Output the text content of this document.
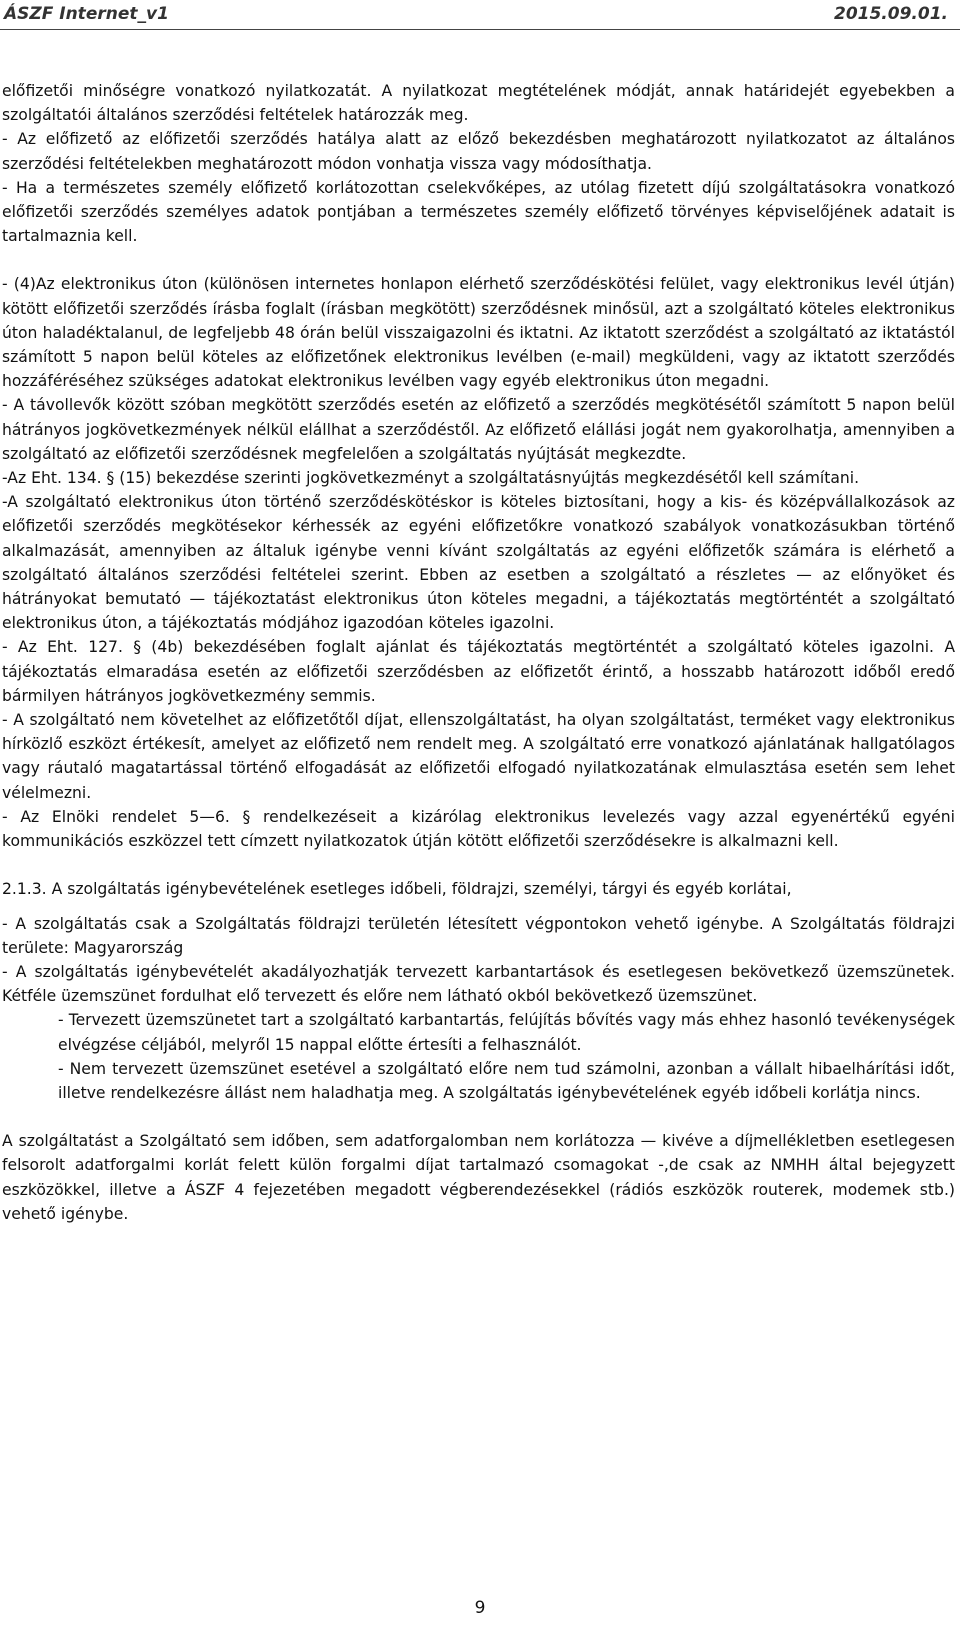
ÁSZF Internet_v1	2015.09.01.

előfizetői minőségre vonatkozó nyilatkozatát. A nyilatkozat megtételének módját, annak határidejét egyebekben a szolgáltatói általános szerződési feltételek határozzák meg.

- Az előfizető az előfizetői szerződés hatálya alatt az előző bekezdésben meghatározott nyilatkozatot az általános szerződési feltételekben meghatározott módon vonhatja vissza vagy módosíthatja.

- Ha a természetes személy előfizető korlátozottan cselekvőképes, az utólag fizetett díjú szolgáltatásokra vonatkozó előfizetői szerződés személyes adatok pontjában a természetes személy előfizető törvényes képviselőjének adatait is tartalmaznia kell.

- (4)Az elektronikus úton (különösen internetes honlapon elérhető szerződéskötési felület, vagy elektronikus levél útján) kötött előfizetői szerződés írásba foglalt (írásban megkötött) szerződésnek minősül, azt a szolgáltató köteles elektronikus úton haladéktalanul, de legfeljebb 48 órán belül visszaigazolni és iktatni. Az iktatott szerződést a szolgáltató az iktatástól számított 5 napon belül köteles az előfizetőnek elektronikus levélben (e-mail) megküldeni, vagy az iktatott szerződés hozzáféréséhez szükséges adatokat elektronikus levélben vagy egyéb elektronikus úton megadni.

- A távollevők között szóban megkötött szerződés esetén az előfizető a szerződés megkötésétől számított 5 napon belül hátrányos jogkövetkezmények nélkül elállhat a szerződéstől. Az előfizető elállási jogát nem gyakorolhatja, amennyiben a szolgáltató az előfizetői szerződésnek megfelelően a szolgáltatás nyújtását megkezdte.

-Az Eht. 134. § (15) bekezdése szerinti jogkövetkezményt a szolgáltatásnyújtás megkezdésétől kell számítani.

-A szolgáltató elektronikus úton történő szerződéskötéskor is köteles biztosítani, hogy a kis- és középvállalkozások az előfizetői szerződés megkötésekor kérhessék az egyéni előfizetőkre vonatkozó szabályok vonatkozásukban történő alkalmazását, amennyiben az általuk igénybe venni kívánt szolgáltatás az egyéni előfizetők számára is elérhető a szolgáltató általános szerződési feltételei szerint. Ebben az esetben a szolgáltató a részletes — az előnyöket és hátrányokat bemutató — tájékoztatást elektronikus úton köteles megadni, a tájékoztatás megtörténtét a szolgáltató elektronikus úton, a tájékoztatás módjához igazodóan köteles igazolni.

- Az Eht. 127. § (4b) bekezdésében foglalt ajánlat és tájékoztatás megtörténtét a szolgáltató köteles igazolni. A tájékoztatás elmaradása esetén az előfizetői szerződésben az előfizetőt érintő, a hosszabb határozott időből eredő bármilyen hátrányos jogkövetkezmény semmis.

- A szolgáltató nem követelhet az előfizetőtől díjat, ellenszolgáltatást, ha olyan szolgáltatást, terméket vagy elektronikus hírközlő eszközt értékesít, amelyet az előfizető nem rendelt meg. A szolgáltató erre vonatkozó ajánlatának hallgatólagos vagy ráutaló magatartással történő elfogadását az előfizetői elfogadó nyilatkozatának elmulasztása esetén sem lehet vélelmezni.

- Az Elnöki rendelet 5—6. § rendelkezéseit a kizárólag elektronikus levelezés vagy azzal egyenértékű egyéni kommunikációs eszközzel tett címzett nyilatkozatok útján kötött előfizetői szerződésekre is alkalmazni kell.

2.1.3. A szolgáltatás igénybevételének esetleges időbeli, földrajzi, személyi, tárgyi és egyéb korlátai,

- A szolgáltatás csak a Szolgáltatás földrajzi területén létesített végpontokon vehető igénybe. A Szolgáltatás földrajzi területe: Magyarország

- A szolgáltatás igénybevételét akadályozhatják tervezett karbantartások és esetlegesen bekövetkező üzemszünetek. Kétféle üzemszünet fordulhat elő tervezett és előre nem látható okból bekövetkező üzemszünet.

- Tervezett üzemszünetet tart a szolgáltató karbantartás, felújítás bővítés vagy más ehhez hasonló tevékenységek elvégzése céljából, melyről 15 nappal előtte értesíti a felhasználót.

- Nem tervezett üzemszünet esetével a szolgáltató előre nem tud számolni, azonban a vállalt hibaelhárítási időt, illetve rendelkezésre állást nem haladhatja meg. A szolgáltatás igénybevételének egyéb időbeli korlátja nincs.

A szolgáltatást a Szolgáltató sem időben, sem adatforgalomban nem korlátozza — kivéve a díjmellékletben esetlegesen felsorolt adatforgalmi korlát felett külön forgalmi díjat tartalmazó csomagokat -,de csak az NMHH által bejegyzett eszközökkel, illetve a ÁSZF 4 fejezetében megadott végberendezésekkel (rádiós eszközök routerek, modemek stb.) vehető igénybe.

9
